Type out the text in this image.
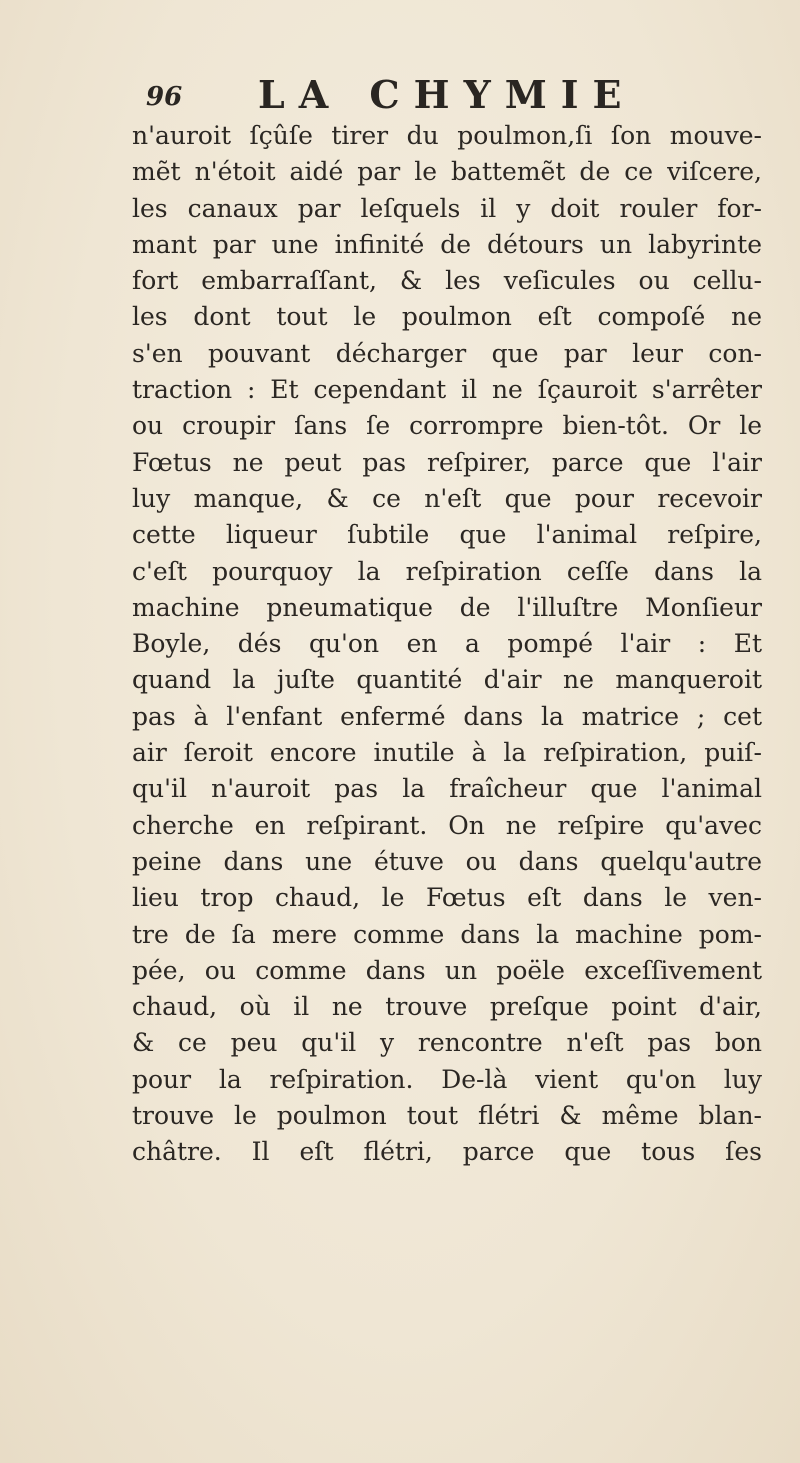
96 LA CHYMIE
n'auroit ſçûſe tirer du poulmon,ſi ſon mouve-
mẽt n'étoit aidé par le battemẽt de ce viſcere,
les canaux par leſquels il y doit rouler for-
mant par une infinité de détours un labyrinte
fort embarraſſant, & les veſicules ou cellu-
les dont tout le poulmon eſt compoſé ne
s'en pouvant décharger que par leur con-
traction : Et cependant il ne ſçauroit s'arrêter
ou croupir ſans ſe corrompre bien-tôt. Or le
Fœtus ne peut pas reſpirer, parce que l'air
luy manque, & ce n'eſt que pour recevoir
cette liqueur ſubtile que l'animal reſpire,
c'eſt pourquoy la reſpiration ceſſe dans la
machine pneumatique de l'illuſtre Monſieur
Boyle, dés qu'on en a pompé l'air : Et
quand la juſte quantité d'air ne manqueroit
pas à l'enfant enfermé dans la matrice ; cet
air ſeroit encore inutile à la reſpiration, puiſ-
qu'il n'auroit pas la fraîcheur que l'animal
cherche en reſpirant. On ne reſpire qu'avec
peine dans une étuve ou dans quelqu'autre
lieu trop chaud, le Fœtus eſt dans le ven-
tre de ſa mere comme dans la machine pom-
pée, ou comme dans un poële exceſſivement
chaud, où il ne trouve preſque point d'air,
& ce peu qu'il y rencontre n'eſt pas bon
pour la reſpiration. De-là vient qu'on luy
trouve le poulmon tout flétri & même blan-
châtre. Il eſt flétri, parce que tous ſes
